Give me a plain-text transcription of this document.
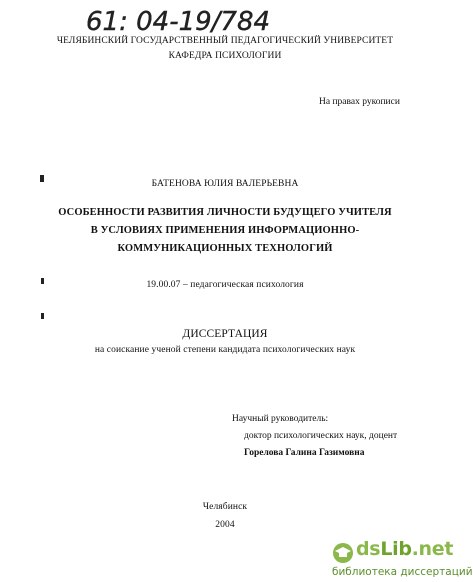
61: 04-19/784
ЧЕЛЯБИНСКИЙ ГОСУДАРСТВЕННЫЙ ПЕДАГОГИЧЕСКИЙ УНИВЕРСИТЕТ
КАФЕДРА ПСИХОЛОГИИ
На правах рукописи
БАТЕНОВА ЮЛИЯ ВАЛЕРЬЕВНА
ОСОБЕННОСТИ РАЗВИТИЯ ЛИЧНОСТИ БУДУЩЕГО УЧИТЕЛЯ
В УСЛОВИЯХ ПРИМЕНЕНИЯ ИНФОРМАЦИОННО-
КОММУНИКАЦИОННЫХ ТЕХНОЛОГИЙ
19.00.07 – педагогическая психология
ДИССЕРТАЦИЯ
на соискание ученой степени кандидата психологических наук
Научный руководитель:
доктор психологических наук, доцент
Горелова Галина Газимовна
Челябинск
2004
dsLib.net
библиотека диссертаций
